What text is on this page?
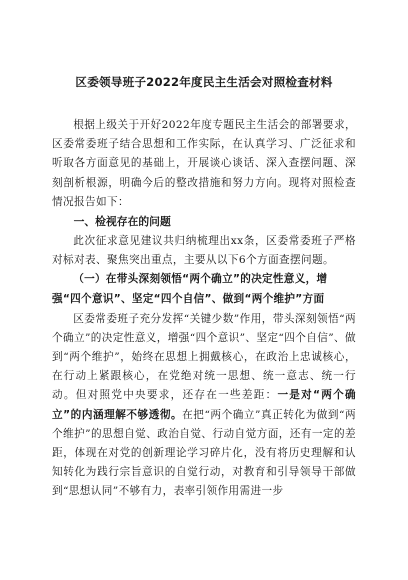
区委领导班子2022年度民主生活会对照检查材料

根据上级关于开好2022年度专题民主生活会的部署要求，区委常委班子结合思想和工作实际，在认真学习、广泛征求和听取各方面意见的基础上，开展谈心谈话、深入查摆问题、深刻剖析根源，明确今后的整改措施和努力方向。现将对照检查情况报告如下：

一、检视存在的问题

此次征求意见建议共归纳梳理出xx条，区委常委班子严格对标对表、聚焦突出重点，主要从以下6个方面查摆问题。

（一）在带头深刻领悟“两个确立”的决定性意义，增强“四个意识”、坚定“四个自信”、做到“两个维护”方面

区委常委班子充分发挥“关键少数”作用，带头深刻领悟“两个确立”的决定性意义，增强“四个意识”、坚定“四个自信”、做到“两个维护”，始终在思想上拥戴核心，在政治上忠诚核心，在行动上紧跟核心，在党绝对统一思想、统一意志、统一行动。但对照党中央要求，还存在一些差距：一是对“两个确立”的内涵理解不够透彻。在把“两个确立”真正转化为做到“两个维护”的思想自觉、政治自觉、行动自觉方面，还有一定的差距，体现在对党的创新理论学习碎片化，没有将历史理解和认知转化为践行宗旨意识的自觉行动，对教育和引导领导干部做到“思想认同”不够有力，表率引领作用需进一步
